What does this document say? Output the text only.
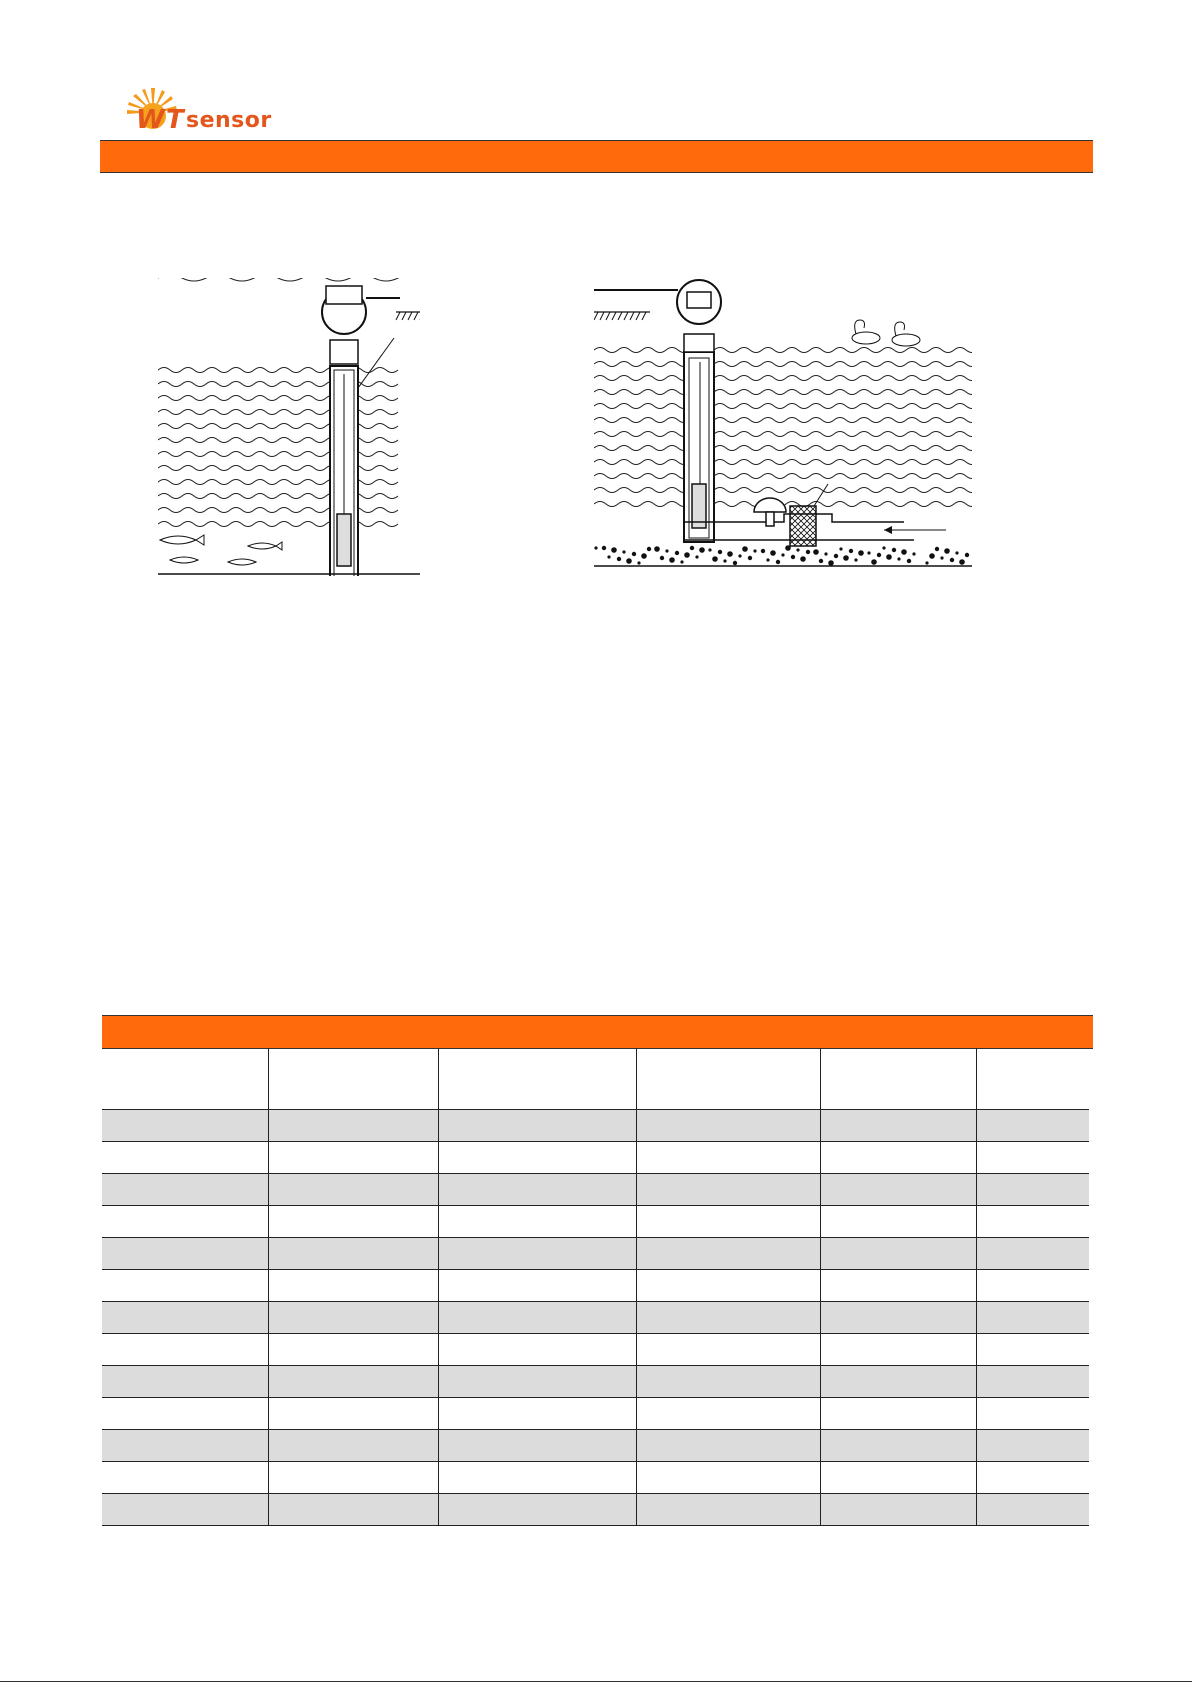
W T sensor
